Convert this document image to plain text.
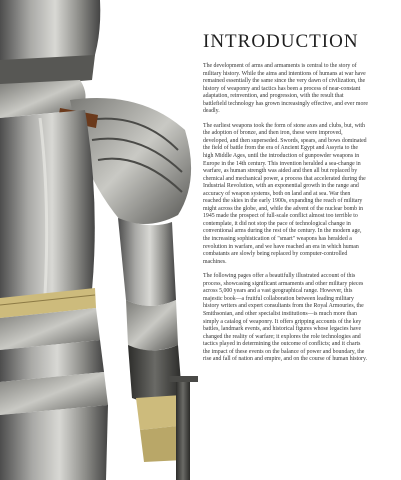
INTRODUCTION

The development of arms and armaments is central to the story of military history. While the aims and intentions of humans at war have remained essentially the same since the very dawn of civilization, the history of weaponry and tactics has been a process of near-constant adaptation, reinvention, and progression, with the result that battlefield technology has grown increasingly effective, and ever more deadly.

The earliest weapons took the form of stone axes and clubs, but, with the adoption of bronze, and then iron, these were improved, developed, and then superseded. Swords, spears, and bows dominated the field of battle from the era of Ancient Egypt and Assyria to the high Middle Ages, until the introduction of gunpowder weapons in Europe in the 14th century. This invention heralded a sea-change in warfare, as human strength was aided and then all but replaced by chemical and mechanical power, a process that accelerated during the Industrial Revolution, with an exponential growth in the range and accuracy of weapon systems, both on land and at sea. War then reached the skies in the early 1900s, expanding the reach of military might across the globe, and, while the advent of the nuclear bomb in 1945 made the prospect of full-scale conflict almost too terrible to contemplate, it did not stop the pace of technological change in conventional arms during the rest of the century. In the modern age, the increasing sophistication of "smart" weapons has heralded a revolution in warfare, and we have reached an era in which human combatants are slowly being replaced by computer-controlled machines.

The following pages offer a beautifully illustrated account of this process, showcasing significant armaments and other military pieces across 5,000 years and a vast geographical range. However, this majestic book—a fruitful collaboration between leading military history writers and expert consultants from the Royal Armouries, the Smithsonian, and other specialist institutions—is much more than simply a catalog of weaponry. It offers gripping accounts of the key battles, landmark events, and historical figures whose legacies have changed the reality of warfare; it explores the role technologies and tactics played in determining the outcome of conflicts; and it charts the impact of these events on the balance of power and boundary, the rise and fall of nation and empire, and on the course of human history.
